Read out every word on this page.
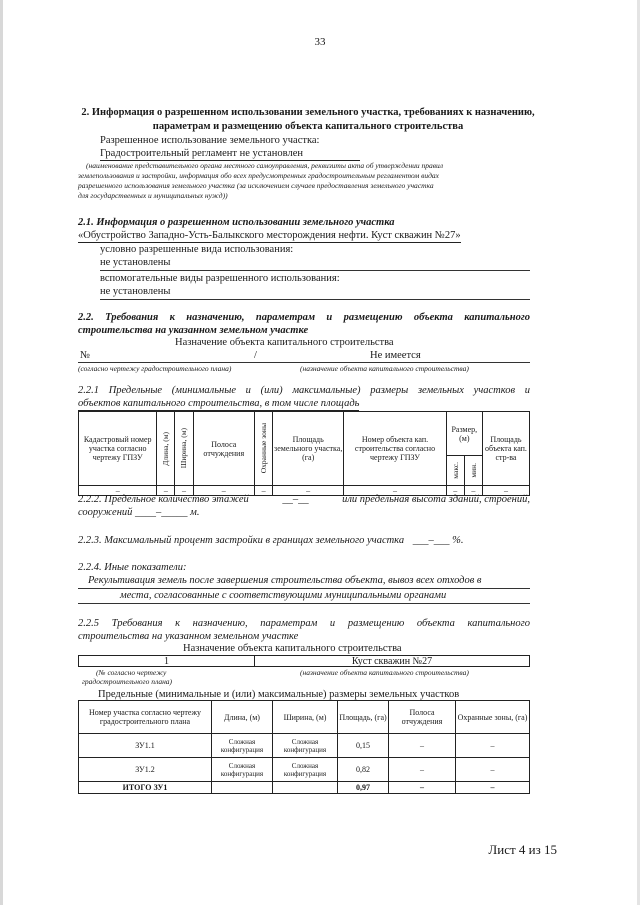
33
2. Информация о разрешенном использовании земельного участка, требованиях к назначению, параметрам и размещению объекта капитального строительства
Разрешенное использование земельного участка:
Градостроительный регламент не установлен
(наименование представительного органа местного самоуправления, реквизиты акта об утверждении правил
землепользования и застройки, информация обо всех предусмотренных градостроительным регламентом видах
разрешенного использования земельного участка (за исключением случаев предоставления земельного участка
для государственных и муниципальных нужд))
2.1. Информация о разрешенном использовании земельного участка
«Обустройство Западно-Усть-Балыкского месторождения нефти. Куст скважин №27»
условно разрешенные вида использования:
не установлены
вспомогательные виды разрешенного использования:
не установлены
2.2. Требования к назначению, параметрам и размещению объекта капитального
строительства на указанном земельном участке
Назначение объекта капитального строительства
№	/	Не имеется
(согласно чертежу градостроительного плана)	(назначение объекта капитального строительства)
2.2.1 Предельные (минимальные и (или) максимальные) размеры земельных участков и
объектов капитального строительства, в том числе площадь
Кадастровый номер участка согласно чертежу ГПЗУ	Длина, (м)	Ширина, (м)	Полоса отчуждения	Охранные зоны	Площадь земельного участка, (га)	Номер объекта кап. строительства согласно чертежу ГПЗУ	Размер, (м)		Площадь объекта кап. стр-ва

							макс.	мин.	

–	–	–	–	–	–	–	–	–	–
2.2.2. Предельное количество этажей	__–__	или предельная высота зданий, строений,
сооружений ____–_____ м.
2.2.3. Максимальный процент застройки в границах земельного участка ___–___ %.
2.2.4. Иные показатели:
Рекультивация земель после завершения строительства объекта, вывоз всех отходов в
места, согласованные с соответствующими муниципальными органами
2.2.5 Требования к назначению, параметрам и размещению объекта капитального
строительства на указанном земельном участке
Назначение объекта капитального строительства
1	Куст скважин №27
(№ согласно чертежу
градостроительного плана)
(назначение объекта капитального строительства)
Предельные (минимальные и (или) максимальные) размеры земельных участков
Номер участка согласно чертежу градостроительного плана	Длина, (м)	Ширина, (м)	Площадь, (га)	Полоса отчуждения	Охранные зоны, (га)
ЗУ1.1	Сложная конфигурация	Сложная конфигурация	0,15	–	–
ЗУ1.2	Сложная конфигурация	Сложная конфигурация	0,82	–	–
ИТОГО ЗУ1			0,97	–	–
Лист 4 из 15
